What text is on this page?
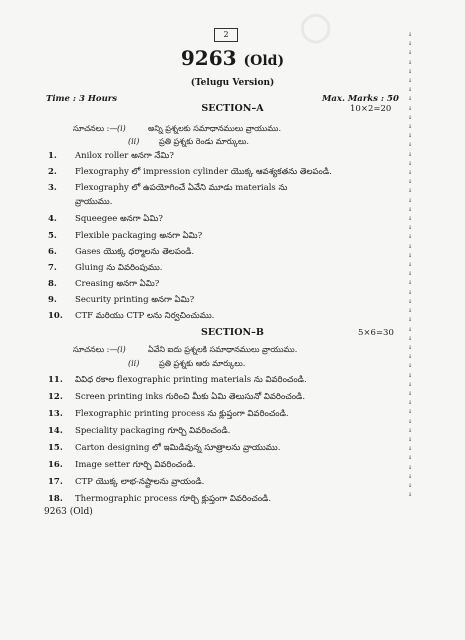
◯
2
9263 (Old)
(Telugu Version)
Time : 3 Hours	Max. Marks : 50
SECTION–A	10×2=20
సూచనలు :— (i)	అన్ని ప్రశ్నలకు సమాధానములు వ్రాయుము.
(ii) ప్రతి ప్రశ్నకు రెండు మార్కులు.
1. Anilox roller అనగా నేమి?
2. Flexography లో impression cylinder యొక్క ఆవశ్యకతను తెలపండి.
3. Flexography లో ఉపయోగించే ఏవేని మూడు materials ను
వ్రాయుము.
4. Squeegee అనగా ఏమి?
5. Flexible packaging అనగా ఏమి?
6. Gases యొక్క ధర్మాలను తెలపండి.
7. Gluing ను వివరింపుము.
8. Creasing అనగా ఏమి?
9. Security printing అనగా ఏమి?
10. CTF మరియు CTP లను నిర్వచించుము.
SECTION–B	5×6=30
సూచనలు :— (i)	ఏవేని ఐదు ప్రశ్నలకి సమాధానములు వ్రాయుము.
(ii) ప్రతి ప్రశ్నకు ఆరు మార్కులు.
11. వివిధ రకాల flexographic printing materials ను వివరించండి.
12. Screen printing inks గురించి మీకు ఏమి తెలుసునో వివరించండి.
13. Flexographic printing process ను క్లుప్తంగా వివరించండి.
14. Speciality packaging గూర్చి వివరించండి.
15. Carton designing లో ఇమిడివున్న సూత్రాలను వ్రాయుము.
16. Image setter గూర్చి వివరించండి.
17. CTP యొక్క లాభ-నష్టాలను వ్రాయండి.
18. Thermographic process గూర్చి క్లుప్తంగా వివరించండి.
9263 (Old)
↓
↓
↓
↓
↓
↓
↓
↓
↓
↓
↓
↓
↓
↓
↓
↓
↓
↓
↓
↓
↓
↓
↓
↓
↓
↓
↓
↓
↓
↓
↓
↓
↓
↓
↓
↓
↓
↓
↓
↓
↓
↓
↓
↓
↓
↓
↓
↓
↓
↓
↓
